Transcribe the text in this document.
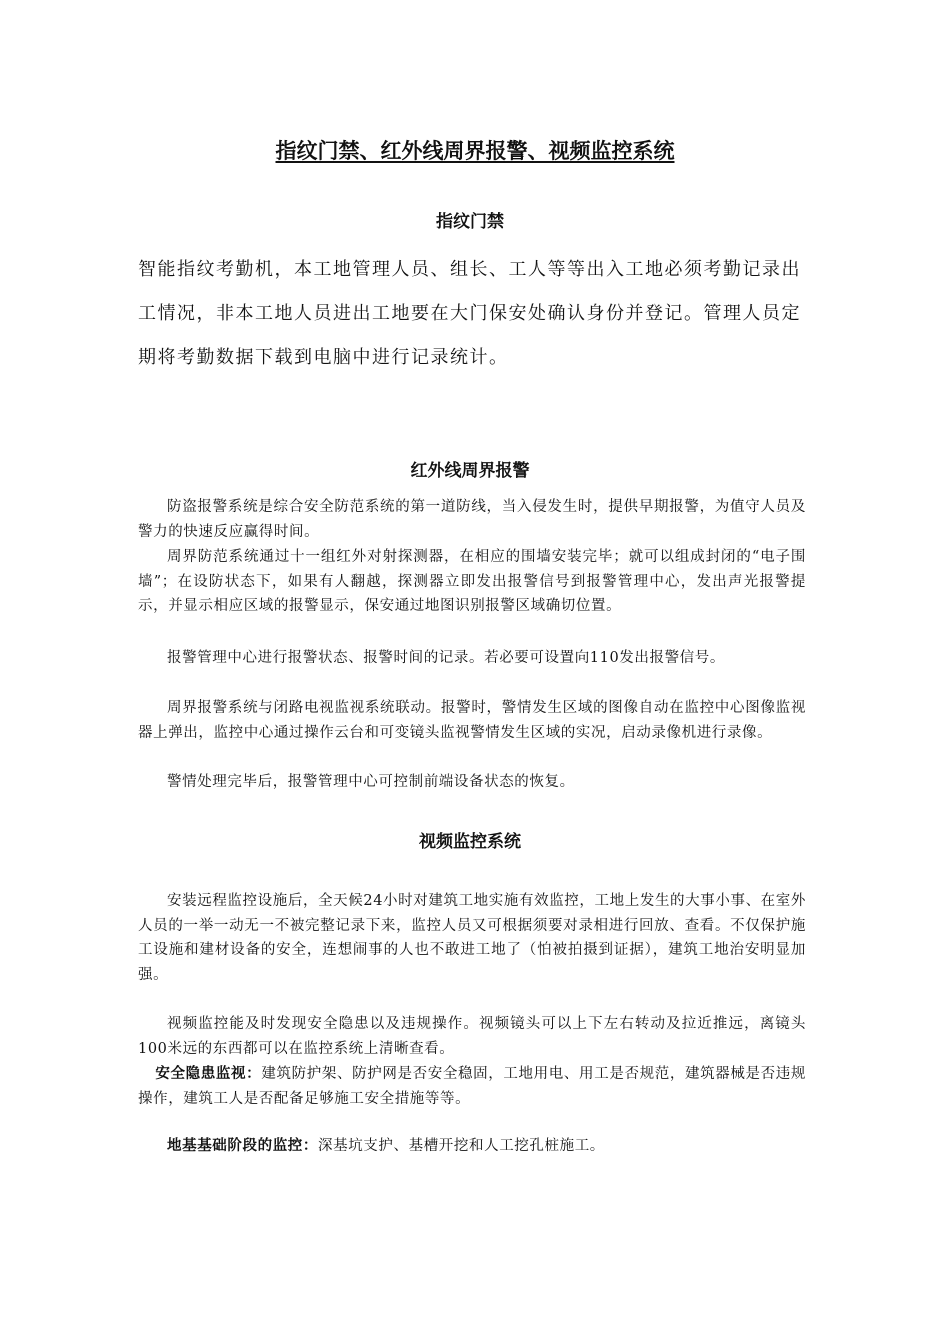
指纹门禁、红外线周界报警、视频监控系统
指纹门禁
智能指纹考勤机，本工地管理人员、组长、工人等等出入工地必须考勤记录出工情况，非本工地人员进出工地要在大门保安处确认身份并登记。管理人员定期将考勤数据下载到电脑中进行记录统计。
红外线周界报警
防盗报警系统是综合安全防范系统的第一道防线，当入侵发生时，提供早期报警，为值守人员及警力的快速反应赢得时间。
周界防范系统通过十一组红外对射探测器，在相应的围墙安装完毕；就可以组成封闭的“电子围墙”；在设防状态下，如果有人翻越，探测器立即发出报警信号到报警管理中心，发出声光报警提示，并显示相应区域的报警显示，保安通过地图识别报警区域确切位置。
报警管理中心进行报警状态、报警时间的记录。若必要可设置向110发出报警信号。
周界报警系统与闭路电视监视系统联动。报警时，警情发生区域的图像自动在监控中心图像监视器上弹出，监控中心通过操作云台和可变镜头监视警情发生区域的实况，启动录像机进行录像。
警情处理完毕后，报警管理中心可控制前端设备状态的恢复。
视频监控系统
安装远程监控设施后，全天候24小时对建筑工地实施有效监控，工地上发生的大事小事、在室外人员的一举一动无一不被完整记录下来，监控人员又可根据须要对录相进行回放、查看。不仅保护施工设施和建材设备的安全，连想闹事的人也不敢进工地了（怕被拍摄到证据），建筑工地治安明显加强。
视频监控能及时发现安全隐患以及违规操作。视频镜头可以上下左右转动及拉近推远，离镜头100米远的东西都可以在监控系统上清晰查看。
安全隐患监视：建筑防护架、防护网是否安全稳固，工地用电、用工是否规范，建筑器械是否违规操作，建筑工人是否配备足够施工安全措施等等。
地基基础阶段的监控：深基坑支护、基槽开挖和人工挖孔桩施工。
